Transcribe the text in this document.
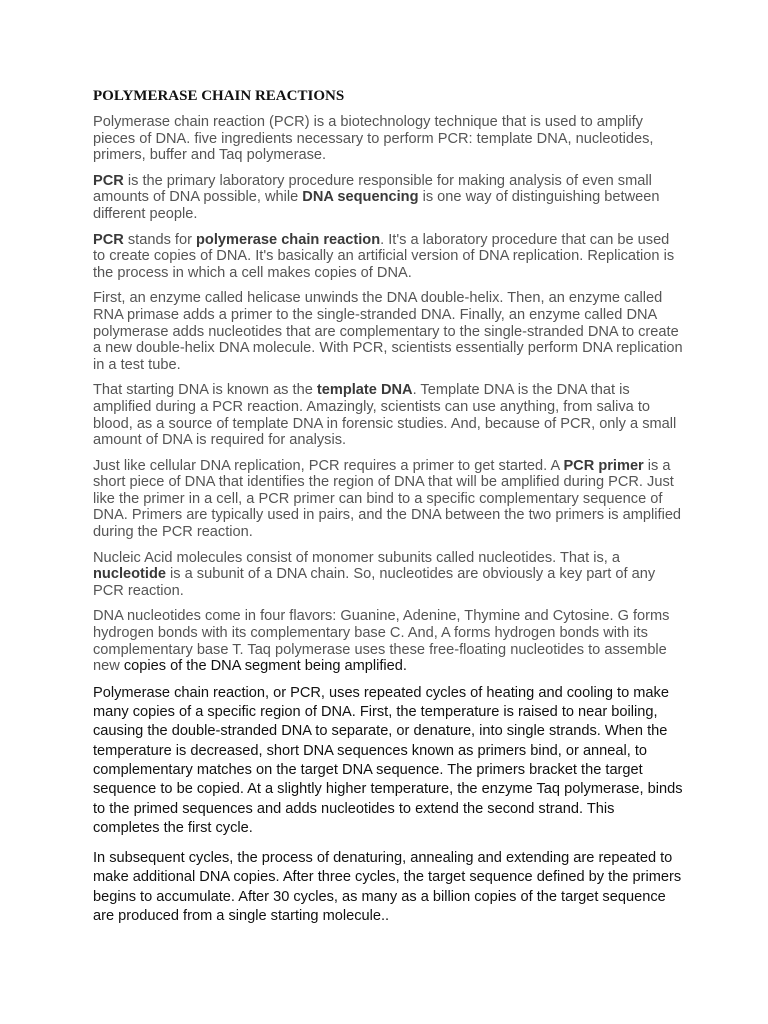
POLYMERASE CHAIN REACTIONS

Polymerase chain reaction (PCR) is a biotechnology technique that is used to amplify pieces of DNA. five ingredients necessary to perform PCR: template DNA, nucleotides, primers, buffer and Taq polymerase.

PCR is the primary laboratory procedure responsible for making analysis of even small amounts of DNA possible, while DNA sequencing is one way of distinguishing between different people.

PCR stands for polymerase chain reaction. It's a laboratory procedure that can be used to create copies of DNA. It's basically an artificial version of DNA replication. Replication is the process in which a cell makes copies of DNA.

First, an enzyme called helicase unwinds the DNA double-helix. Then, an enzyme called RNA primase adds a primer to the single-stranded DNA. Finally, an enzyme called DNA polymerase adds nucleotides that are complementary to the single-stranded DNA to create a new double-helix DNA molecule. With PCR, scientists essentially perform DNA replication in a test tube.

That starting DNA is known as the template DNA. Template DNA is the DNA that is amplified during a PCR reaction. Amazingly, scientists can use anything, from saliva to blood, as a source of template DNA in forensic studies. And, because of PCR, only a small amount of DNA is required for analysis.

Just like cellular DNA replication, PCR requires a primer to get started. A PCR primer is a short piece of DNA that identifies the region of DNA that will be amplified during PCR. Just like the primer in a cell, a PCR primer can bind to a specific complementary sequence of DNA. Primers are typically used in pairs, and the DNA between the two primers is amplified during the PCR reaction.

Nucleic Acid molecules consist of monomer subunits called nucleotides. That is, a nucleotide is a subunit of a DNA chain. So, nucleotides are obviously a key part of any PCR reaction.

DNA nucleotides come in four flavors: Guanine, Adenine, Thymine and Cytosine. G forms hydrogen bonds with its complementary base C. And, A forms hydrogen bonds with its complementary base T. Taq polymerase uses these free-floating nucleotides to assemble new copies of the DNA segment being amplified.

Polymerase chain reaction, or PCR, uses repeated cycles of heating and cooling to make many copies of a specific region of DNA. First, the temperature is raised to near boiling, causing the double-stranded DNA to separate, or denature, into single strands. When the temperature is decreased, short DNA sequences known as primers bind, or anneal, to complementary matches on the target DNA sequence. The primers bracket the target sequence to be copied. At a slightly higher temperature, the enzyme Taq polymerase, binds to the primed sequences and adds nucleotides to extend the second strand. This completes the first cycle.

In subsequent cycles, the process of denaturing, annealing and extending are repeated to make additional DNA copies. After three cycles, the target sequence defined by the primers begins to accumulate. After 30 cycles, as many as a billion copies of the target sequence are produced from a single starting molecule..
